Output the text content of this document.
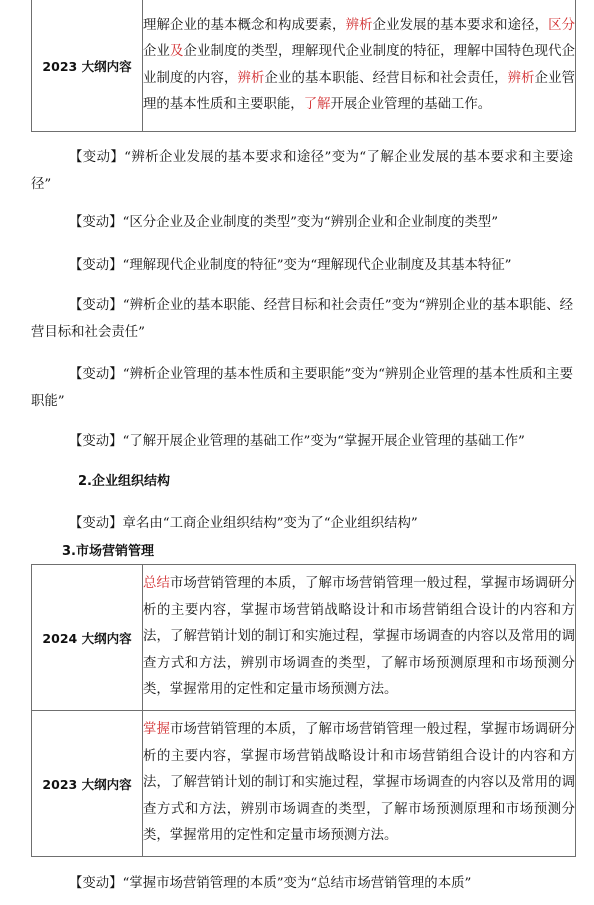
2023 大纲内容	理解企业的基本概念和构成要素，辨析企业发展的基本要求和途径，区分企业及企业制度的类型，理解现代企业制度的特征，理解中国特色现代企业制度的内容，辨析企业的基本职能、经营目标和社会责任，辨析企业管理的基本性质和主要职能，了解开展企业管理的基础工作。
【变动】“辨析企业发展的基本要求和途径”变为“了解企业发展的基本要求和主要途径”
【变动】“区分企业及企业制度的类型”变为“辨别企业和企业制度的类型”
【变动】“理解现代企业制度的特征”变为“理解现代企业制度及其基本特征”
【变动】“辨析企业的基本职能、经营目标和社会责任”变为“辨别企业的基本职能、经营目标和社会责任”
【变动】“辨析企业管理的基本性质和主要职能”变为“辨别企业管理的基本性质和主要职能”
【变动】“了解开展企业管理的基础工作”变为“掌握开展企业管理的基础工作”
2.企业组织结构
【变动】章名由“工商企业组织结构”变为了“企业组织结构”
3.市场营销管理
2024 大纲内容	总结市场营销管理的本质，了解市场营销管理一般过程，掌握市场调研分析的主要内容，掌握市场营销战略设计和市场营销组合设计的内容和方法，了解营销计划的制订和实施过程，掌握市场调查的内容以及常用的调查方式和方法，辨别市场调查的类型，了解市场预测原理和市场预测分类，掌握常用的定性和定量市场预测方法。
2023 大纲内容	掌握市场营销管理的本质，了解市场营销管理一般过程，掌握市场调研分析的主要内容，掌握市场营销战略设计和市场营销组合设计的内容和方法，了解营销计划的制订和实施过程，掌握市场调查的内容以及常用的调查方式和方法，辨别市场调查的类型，了解市场预测原理和市场预测分类，掌握常用的定性和定量市场预测方法。
【变动】“掌握市场营销管理的本质”变为“总结市场营销管理的本质”
